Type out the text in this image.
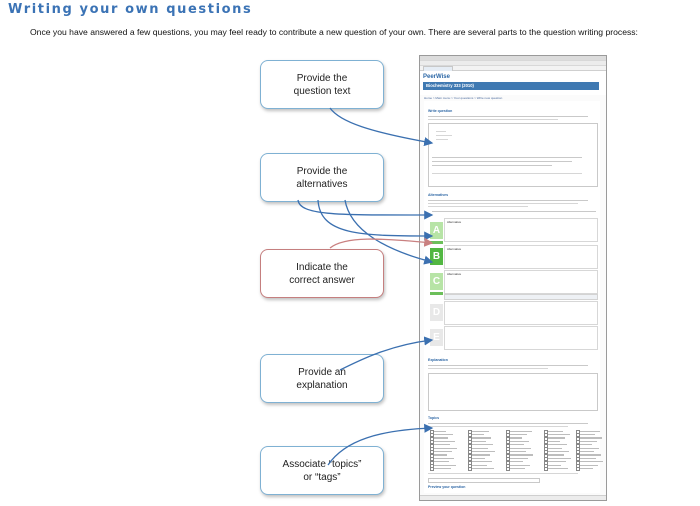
Writing your own questions
Once you have answered a few questions, you may feel ready to contribute a new question of your own. There are several parts to the question writing process:
Provide the
question text
Provide the
alternatives
Indicate the
correct answer
Provide an
explanation
Associate “topics”
or “tags”
PeerWise
Biochemistry 333 (2010)
Home > Main menu > Your questions > Write new question
Write question
Alternatives
A
Alternative
B
Alternative
C
Alternative
D
E
Explanation
Topics
Preview your question
